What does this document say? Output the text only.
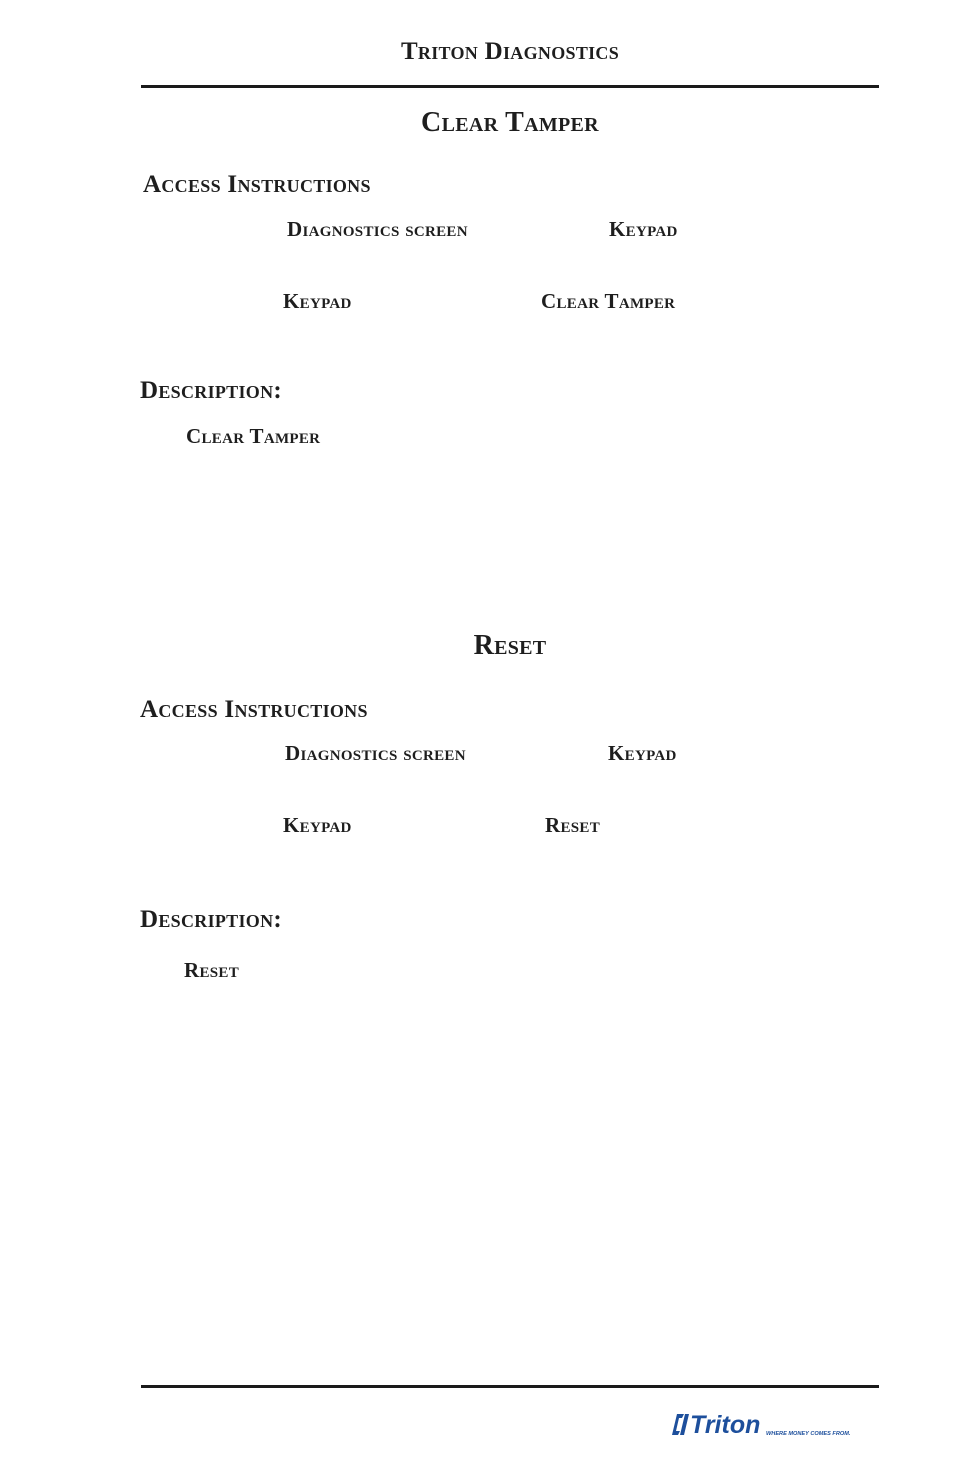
Triton Diagnostics
Clear Tamper
Access Instructions
Diagnostics screen	Keypad
Keypad	Clear Tamper
Description:
Clear Tamper
Reset
Access Instructions
Diagnostics screen	Keypad
Keypad	Reset
Description:
Reset
Triton WHERE MONEY COMES FROM.
